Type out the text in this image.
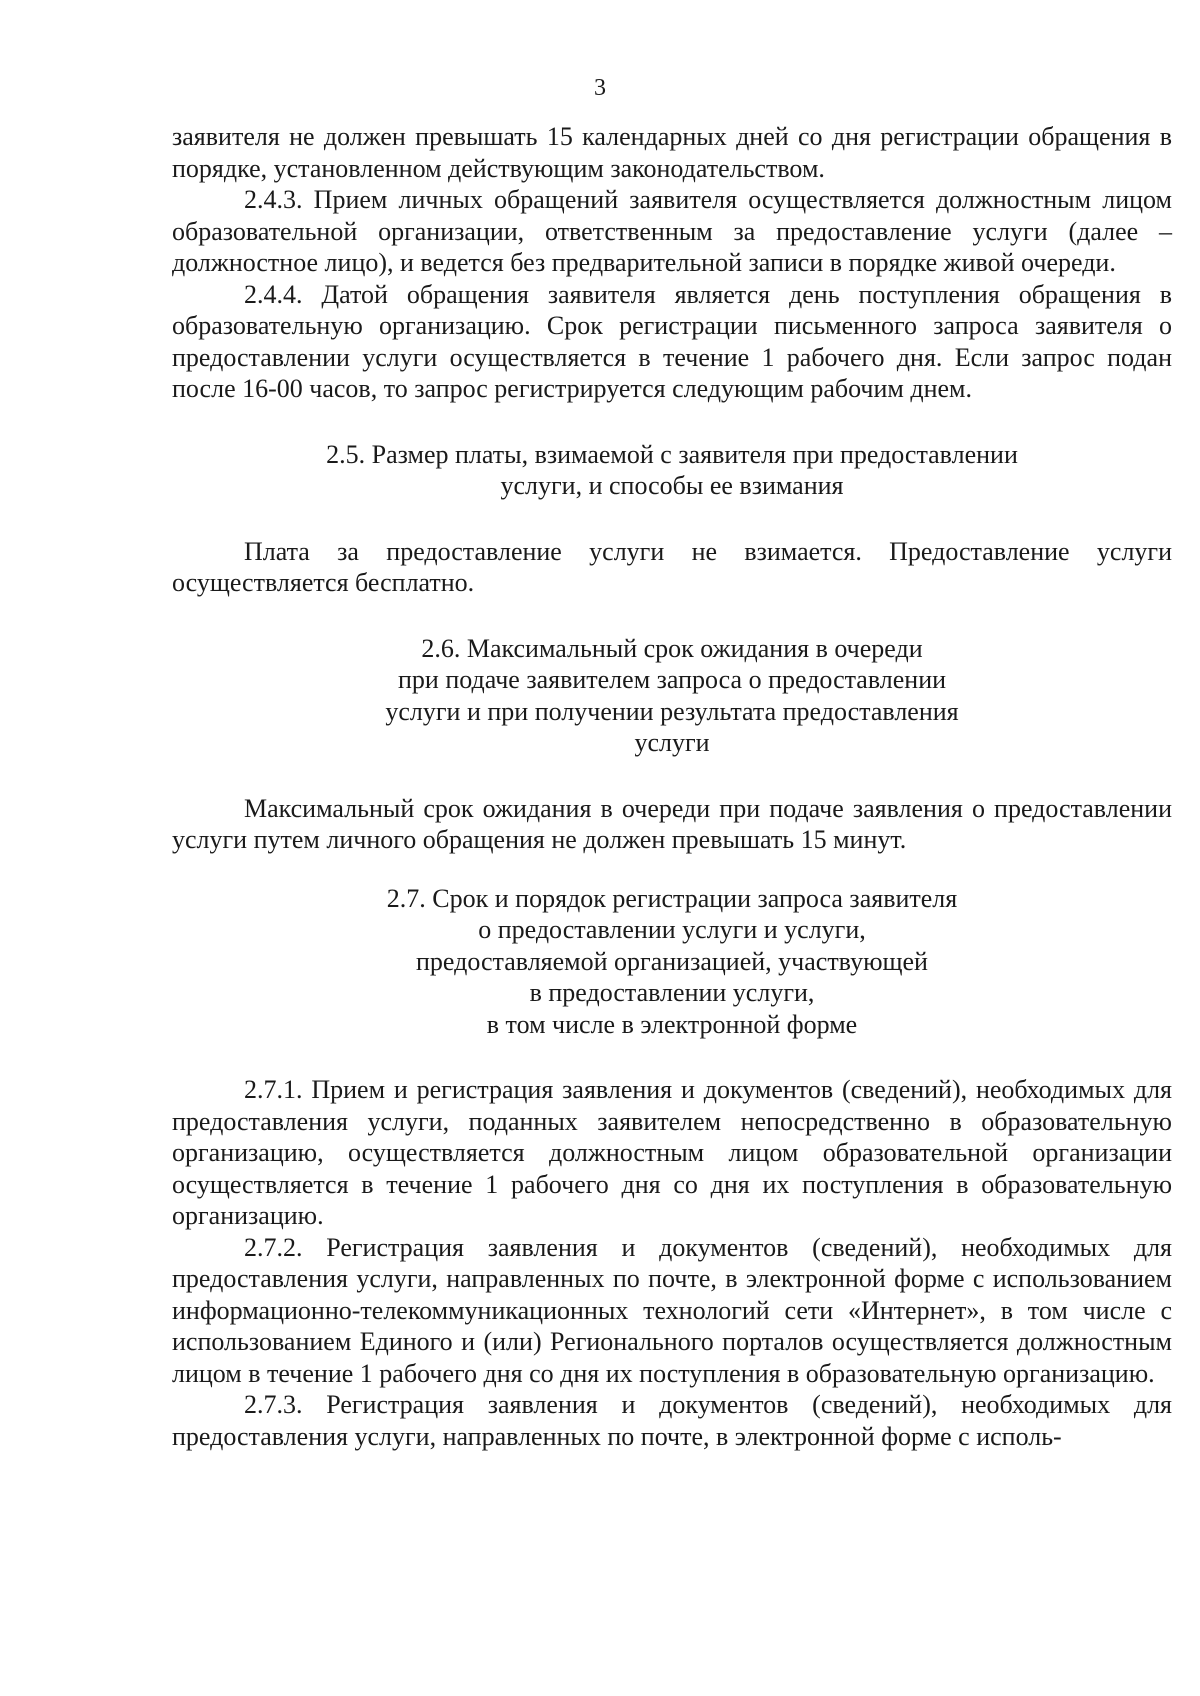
3

заявителя не должен превышать 15 календарных дней со дня регистрации обращения в порядке, установленном действующим законодательством.

2.4.3. Прием личных обращений заявителя осуществляется должностным лицом образовательной организации, ответственным за предоставление услуги (далее – должностное лицо), и ведется без предварительной записи в порядке живой очереди.

2.4.4. Датой обращения заявителя является день поступления обращения в образовательную организацию. Срок регистрации письменного запроса заявителя о предоставлении услуги осуществляется в течение 1 рабочего дня. Если запрос подан после 16-00 часов, то запрос регистрируется следующим рабочим днем.

2.5. Размер платы, взимаемой с заявителя при предоставлении
услуги, и способы ее взимания

Плата за предоставление услуги не взимается. Предоставление услуги осуществляется бесплатно.

2.6. Максимальный срок ожидания в очереди
при подаче заявителем запроса о предоставлении
услуги и при получении результата предоставления
услуги

Максимальный срок ожидания в очереди при подаче заявления о предоставлении услуги путем личного обращения не должен превышать 15 минут.

2.7. Срок и порядок регистрации запроса заявителя
о предоставлении услуги и услуги,
предоставляемой организацией, участвующей
в предоставлении услуги,
в том числе в электронной форме

2.7.1. Прием и регистрация заявления и документов (сведений), необходимых для предоставления услуги, поданных заявителем непосредственно в образовательную организацию, осуществляется должностным лицом образовательной организации осуществляется в течение 1 рабочего дня со дня их поступления в образовательную организацию.

2.7.2. Регистрация заявления и документов (сведений), необходимых для предоставления услуги, направленных по почте, в электронной форме с использованием информационно-телекоммуникационных технологий сети «Интернет», в том числе с использованием Единого и (или) Регионального порталов осуществляется должностным лицом в течение 1 рабочего дня со дня их поступления в образовательную организацию.

2.7.3. Регистрация заявления и документов (сведений), необходимых для предоставления услуги, направленных по почте, в электронной форме с исполь-
